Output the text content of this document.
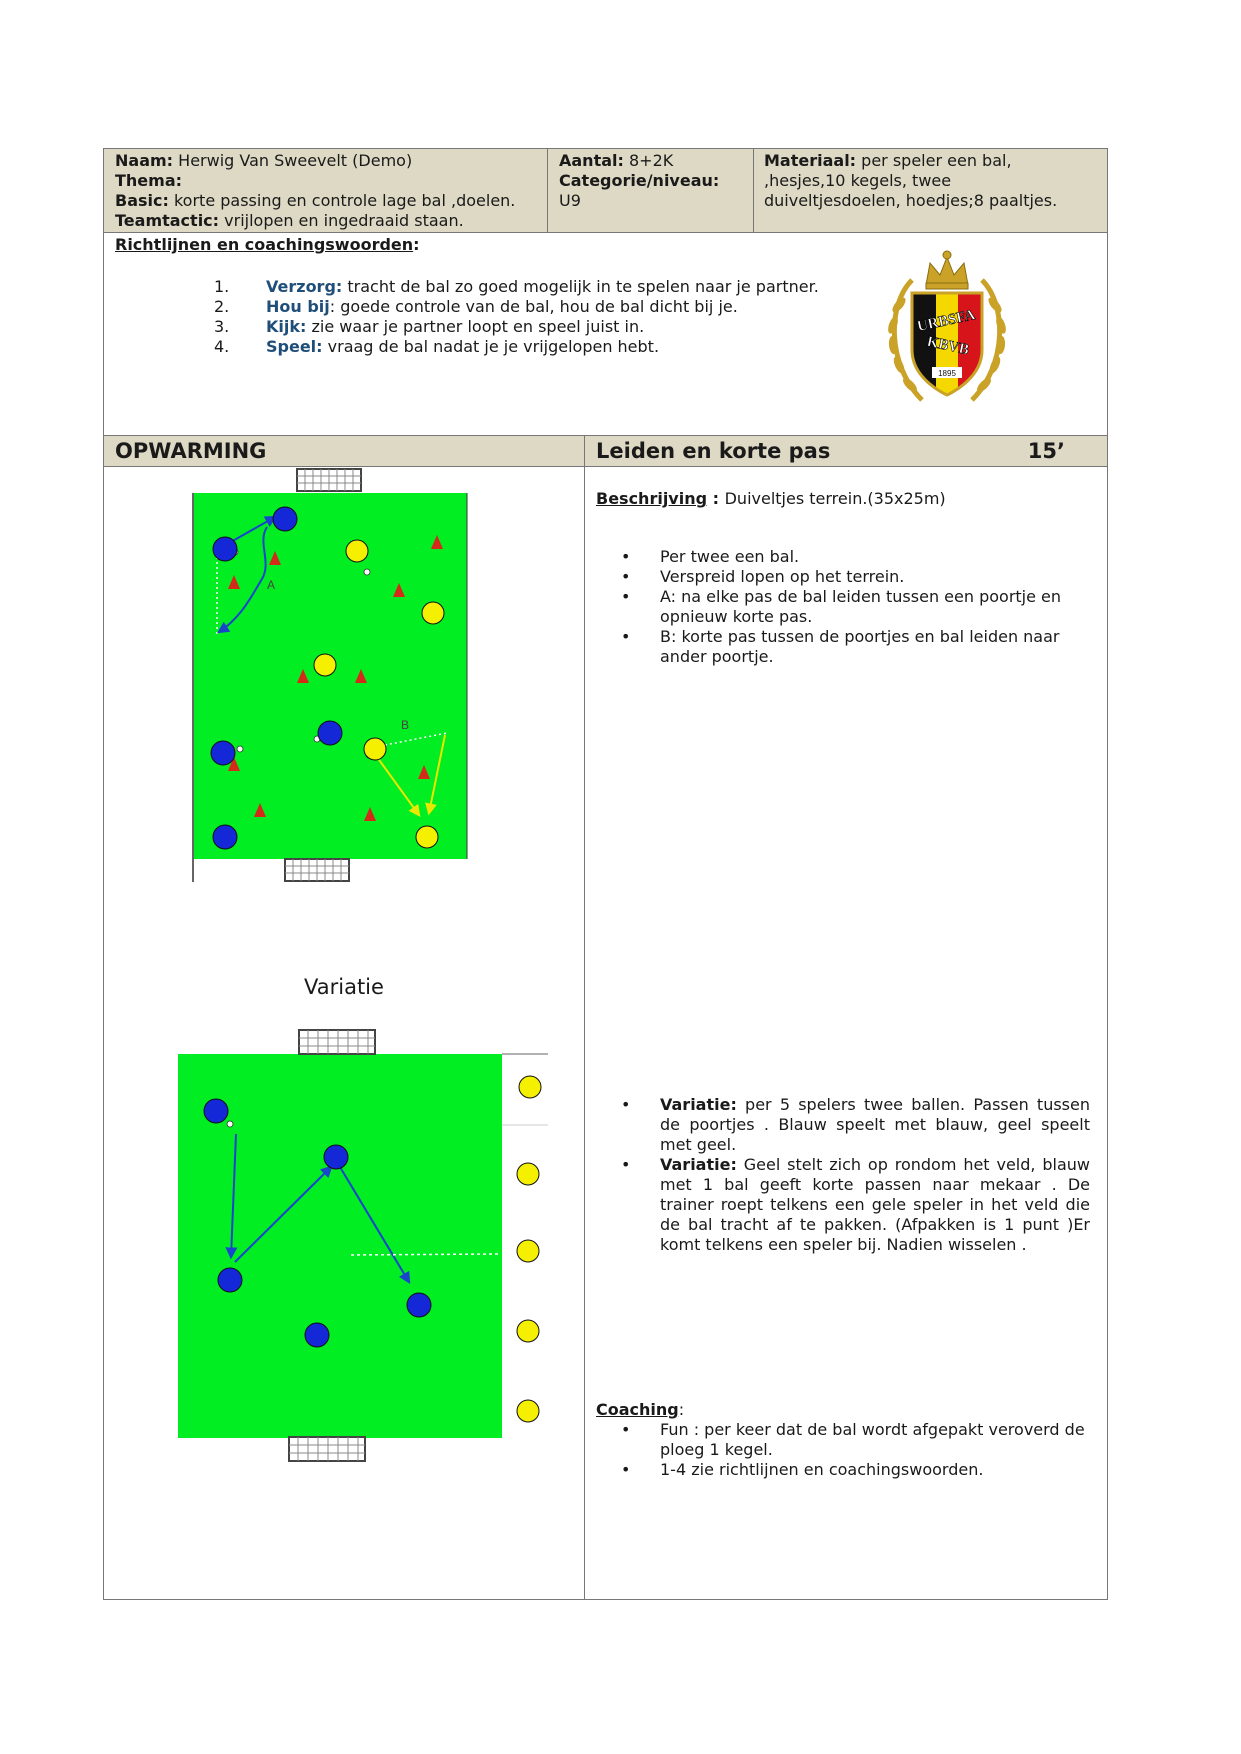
Naam: Herwig Van Sweevelt (Demo)
Thema:
Basic: korte passing en controle lage bal ,doelen.
Teamtactic: vrijlopen en ingedraaid staan.
Aantal: 8+2K
Categorie/niveau:
U9
Materiaal: per speler een bal,
,hesjes,10 kegels, twee
duiveltjesdoelen, hoedjes;8 paaltjes.
Richtlijnen en coachingswoorden:
1. Verzorg: tracht de bal zo goed mogelijk in te spelen naar je partner.
2. Hou bij: goede controle van de bal, hou de bal dicht bij je.
3. Kijk: zie waar je partner loopt en speel juist in.
4. Speel: vraag de bal nadat je je vrijgelopen hebt.
URBSFA
KBVB
1895
OPWARMING	Leiden en korte pas	15’
A
B
Variatie
Beschrijving : Duiveltjes terrein.(35x25m)
• Per twee een bal.
• Verspreid lopen op het terrein.
• A: na elke pas de bal leiden tussen een poortje en opnieuw korte pas.
• B: korte pas tussen de poortjes en bal leiden naar ander poortje.
• Variatie: per 5 spelers twee ballen. Passen tussen de poortjes . Blauw speelt met blauw, geel speelt met geel.
• Variatie: Geel stelt zich op rondom het veld, blauw met 1 bal geeft korte passen naar mekaar . De trainer roept telkens een gele speler in het veld die de bal tracht af te pakken. (Afpakken is 1 punt )Er komt telkens een speler bij. Nadien wisselen .
Coaching:
• Fun : per keer dat de bal wordt afgepakt veroverd de ploeg 1 kegel.
• 1-4 zie richtlijnen en coachingswoorden.
